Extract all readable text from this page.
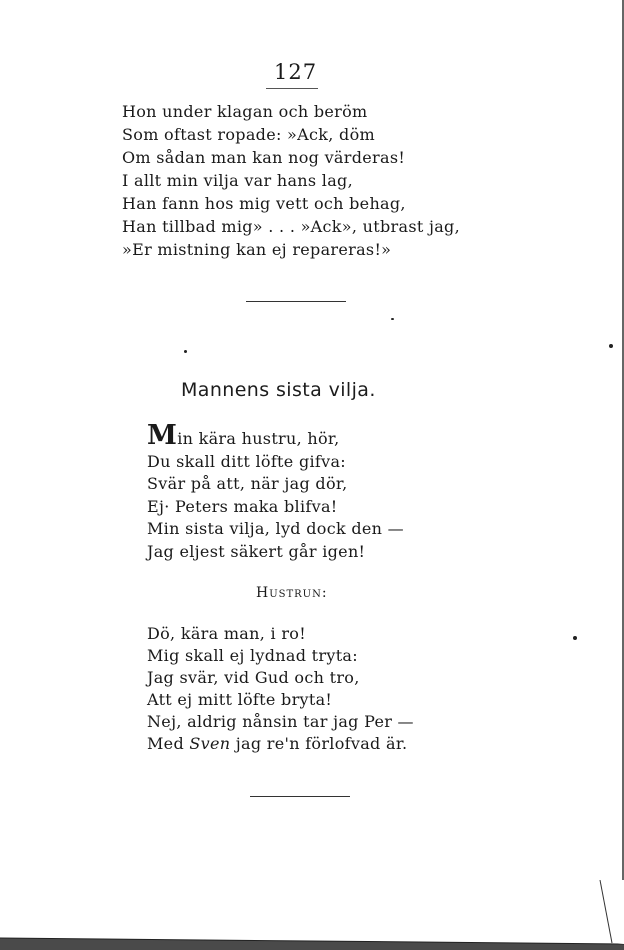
127
Hon under klagan och beröm
Som oftast ropade: »Ack, döm
Om sådan man kan nog värderas!
I allt min vilja var hans lag,
Han fann hos mig vett och behag,
Han tillbad mig» . . . »Ack», utbrast jag,
»Er mistning kan ej repareras!»
Mannens sista vilja.
Min kära hustru, hör,
Du skall ditt löfte gifva:
Svär på att, när jag dör,
Ej· Peters maka blifva!
Min sista vilja, lyd dock den —
Jag eljest säkert går igen!
Hustrun:
Dö, kära man, i ro!
Mig skall ej lydnad tryta:
Jag svär, vid Gud och tro,
Att ej mitt löfte bryta!
Nej, aldrig nånsin tar jag Per —
Med Sven jag re'n förlofvad är.
